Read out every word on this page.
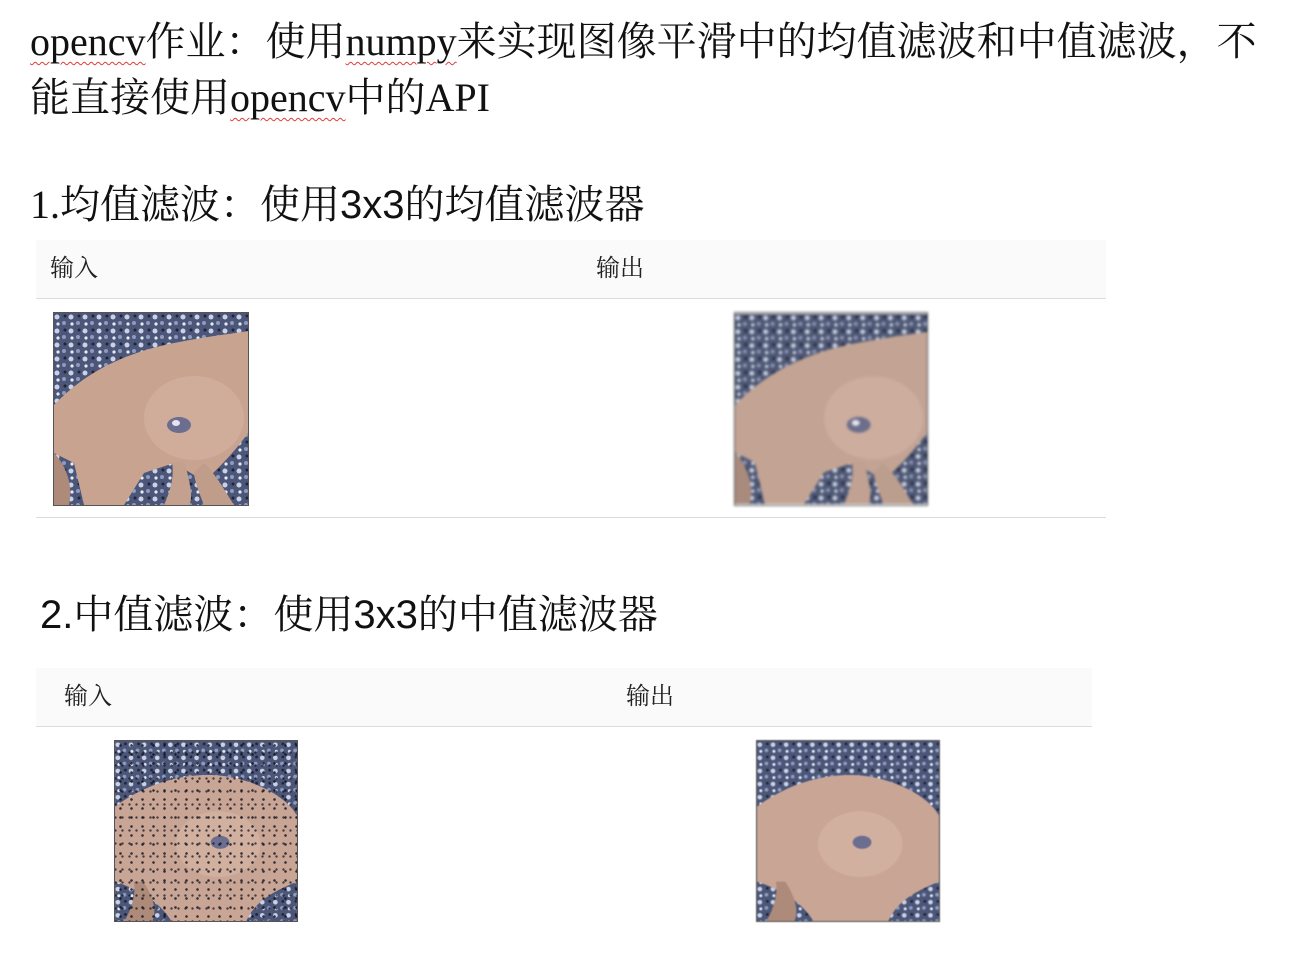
opencv作业：使用numpy来实现图像平滑中的均值滤波和中值滤波，不能直接使用opencv中的API
1.均值滤波：使用3x3的均值滤波器
输入	输出
2.中值滤波：使用3x3的中值滤波器
输入	输出
